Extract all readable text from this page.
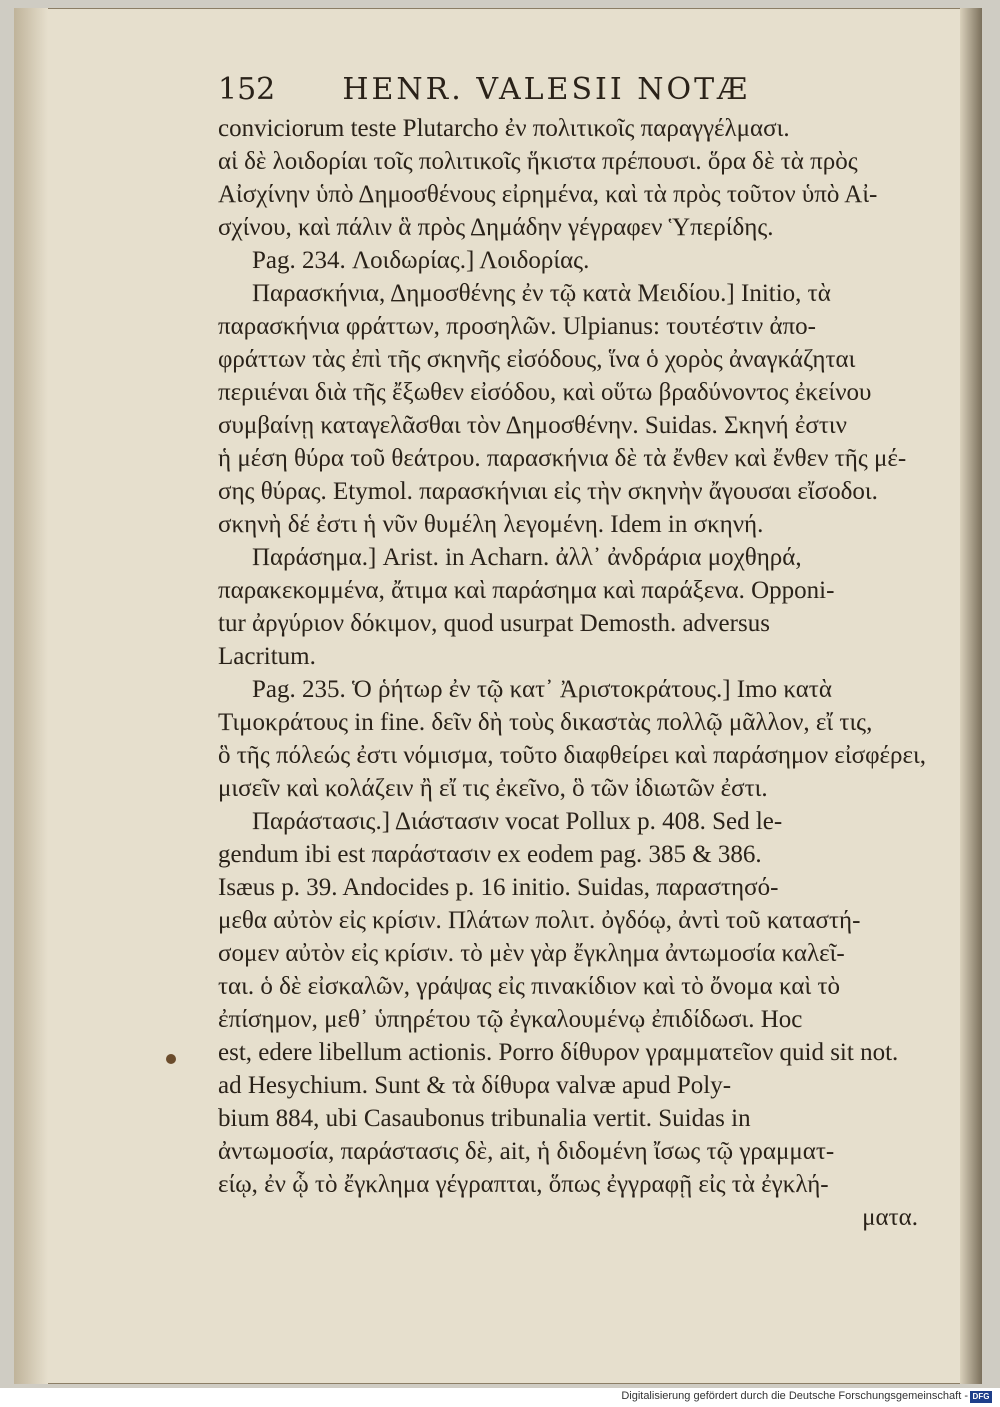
152 HENR. VALESII NOTÆ
conviciorum teste Plutarcho ἐν πολιτικοῖς παραγγέλμασι.
αἱ δὲ λοιδορίαι τοῖς πολιτικοῖς ἥκιστα πρέπουσι. ὅρα δὲ τὰ πρὸς
Αἰσχίνην ὑπὸ Δημοσθένους εἰρημένα, καὶ τὰ πρὸς τοῦτον ὑπὸ Αἰ-
σχίνου, καὶ πάλιν ἃ πρὸς Δημάδην γέγραφεν Ὑπερίδης.
Pag. 234. Λοιδωρίας.] Λοιδορίας.
Παρασκήνια, Δημοσθένης ἐν τῷ κατὰ Μειδίου.] Initio, τὰ
παρασκήνια φράττων, προσηλῶν. Ulpianus: τουτέστιν ἀπο-
φράττων τὰς ἐπὶ τῆς σκηνῆς εἰσόδους, ἵνα ὁ χορὸς ἀναγκάζηται
περιιέναι διὰ τῆς ἔξωθεν εἰσόδου, καὶ οὕτω βραδύνοντος ἐκείνου
συμβαίνῃ καταγελᾶσθαι τὸν Δημοσθένην. Suidas. Σκηνή ἐστιν
ἡ μέση θύρα τοῦ θεάτρου. παρασκήνια δὲ τὰ ἔνθεν καὶ ἔνθεν τῆς μέ-
σης θύρας. Etymol. παρασκήνιαι εἰς τὴν σκηνὴν ἄγουσαι εἴσοδοι.
σκηνὴ δέ ἐστι ἡ νῦν θυμέλη λεγομένη. Idem in σκηνή.
Παράσημα.] Arist. in Acharn. ἀλλ᾽ ἀνδράρια μοχθηρά,
παρακεκομμένα, ἄτιμα καὶ παράσημα καὶ παράξενα. Opponi-
tur ἀργύριον δόκιμον, quod usurpat Demosth. adversus
Lacritum.
Pag. 235. Ὁ ῥήτωρ ἐν τῷ κατ᾽ Ἀριστοκράτους.] Imo κατὰ
Τιμοκράτους in fine. δεῖν δὴ τοὺς δικαστὰς πολλῷ μᾶλλον, εἴ τις,
ὃ τῆς πόλεώς ἐστι νόμισμα, τοῦτο διαφθείρει καὶ παράσημον εἰσφέρει,
μισεῖν καὶ κολάζειν ἢ εἴ τις ἐκεῖνο, ὃ τῶν ἰδιωτῶν ἐστι.
Παράστασις.] Διάστασιν vocat Pollux p. 408. Sed le-
gendum ibi est παράστασιν ex eodem pag. 385 & 386.
Isæus p. 39. Andocides p. 16 initio. Suidas, παραστησό-
μεθα αὐτὸν εἰς κρίσιν. Πλάτων πολιτ. ὀγδόῳ, ἀντὶ τοῦ καταστή-
σομεν αὐτὸν εἰς κρίσιν. τὸ μὲν γὰρ ἔγκλημα ἀντωμοσία καλεῖ-
ται. ὁ δὲ εἰσκαλῶν, γράψας εἰς πινακίδιον καὶ τὸ ὄνομα καὶ τὸ
ἐπίσημον, μεθ᾽ ὑπηρέτου τῷ ἐγκαλουμένῳ ἐπιδίδωσι. Hoc
est, edere libellum actionis. Porro δίθυρον γραμματεῖον quid sit not.
ad Hesychium. Sunt & τὰ δίθυρα valvæ apud Poly-
bium 884, ubi Casaubonus tribunalia vertit. Suidas in
ἀντωμοσία, παράστασις δὲ, ait, ἡ διδομένη ἴσως τῷ γραμματ-
είῳ, ἐν ᾧ τὸ ἔγκλημα γέγραπται, ὅπως ἐγγραφῇ εἰς τὰ ἐγκλή-
ματα.
Digitalisierung gefördert durch die Deutsche Forschungsgemeinschaft - DFG
